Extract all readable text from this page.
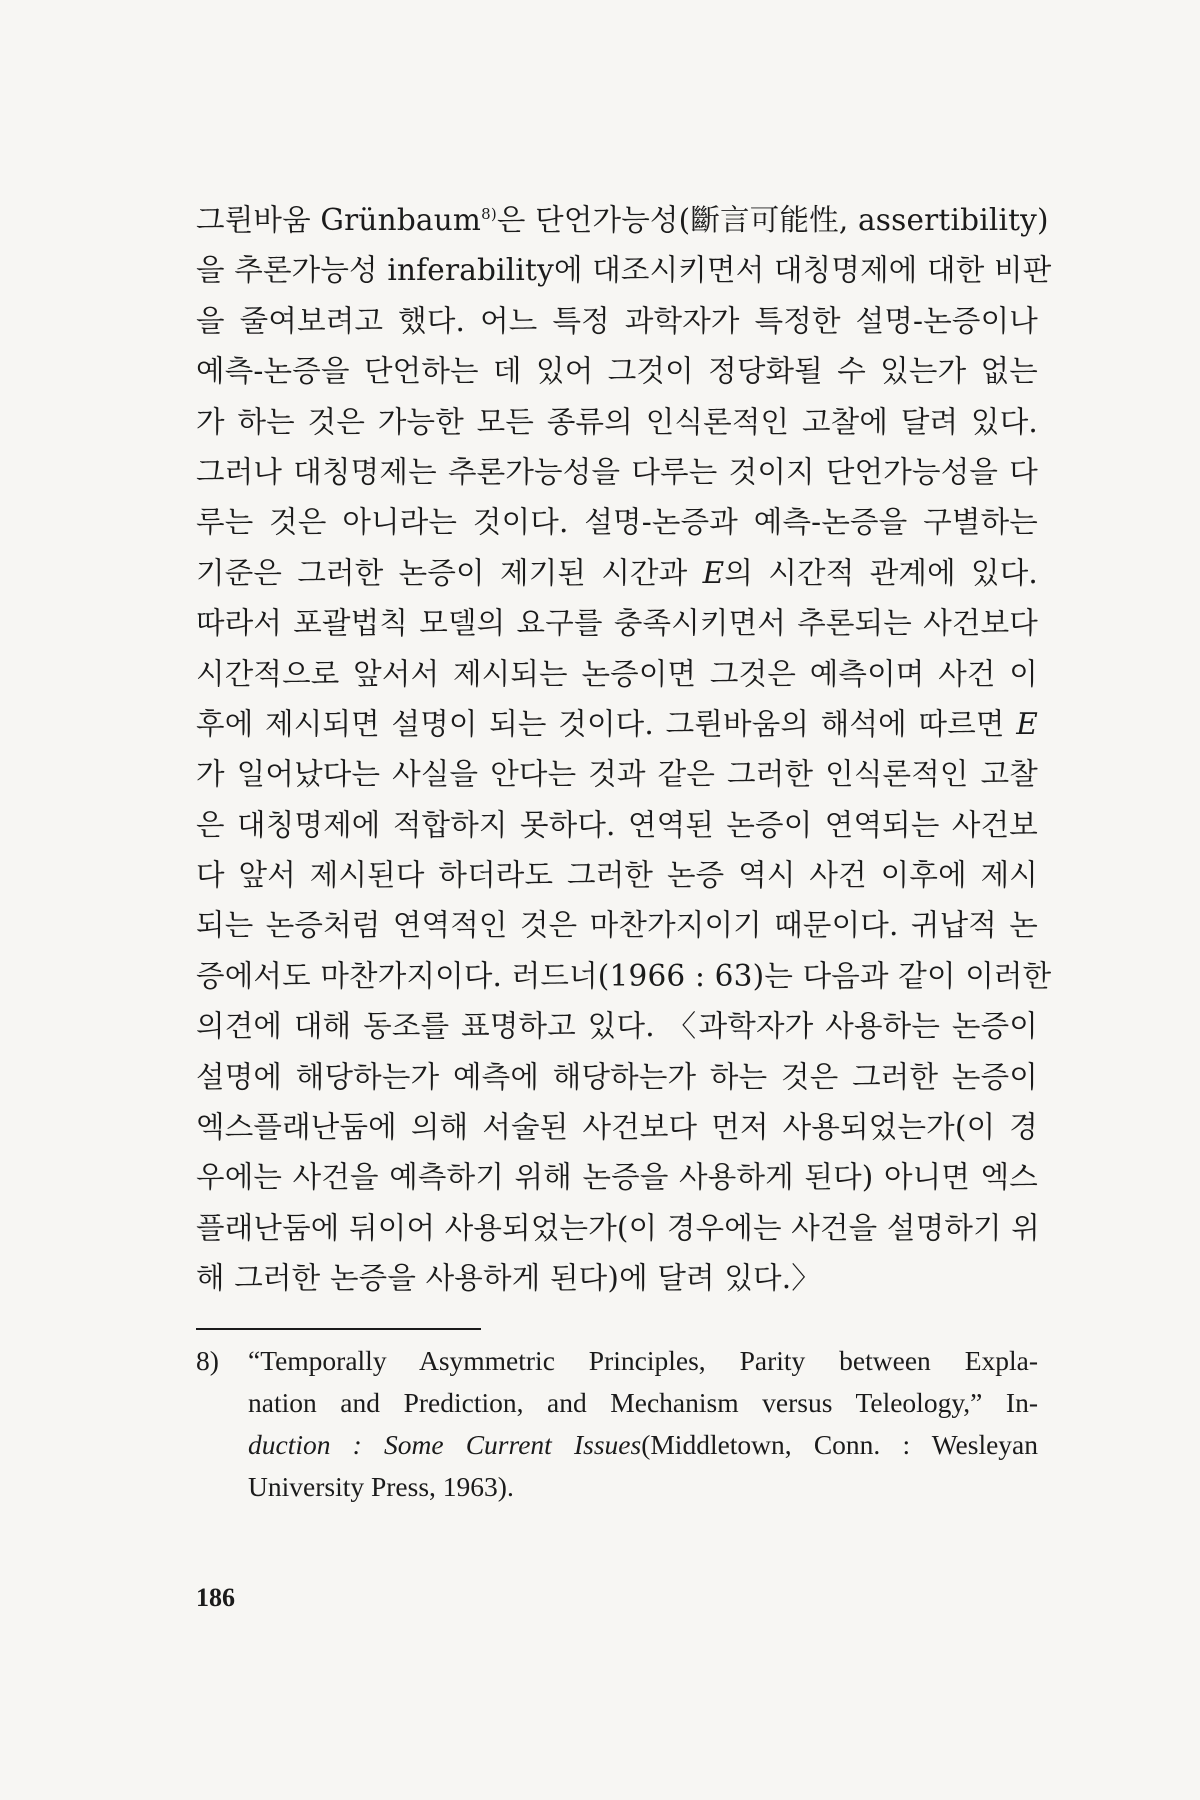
그륀바움 Grünbaum$^{8)}$은 단언가능성(斷言可能性, assertibility)
을 추론가능성 inferability에 대조시키면서 대칭명제에 대한 비판
을 줄여보려고 했다. 어느 특정 과학자가 특정한 설명-논증이나
예측-논증을 단언하는 데 있어 그것이 정당화될 수 있는가 없는
가 하는 것은 가능한 모든 종류의 인식론적인 고찰에 달려 있다.
그러나 대칭명제는 추론가능성을 다루는 것이지 단언가능성을 다
루는 것은 아니라는 것이다. 설명-논증과 예측-논증을 구별하는
기준은 그러한 논증이 제기된 시간과 E의 시간적 관계에 있다.
따라서 포괄법칙 모델의 요구를 충족시키면서 추론되는 사건보다
시간적으로 앞서서 제시되는 논증이면 그것은 예측이며 사건 이
후에 제시되면 설명이 되는 것이다. 그륀바움의 해석에 따르면 E
가 일어났다는 사실을 안다는 것과 같은 그러한 인식론적인 고찰
은 대칭명제에 적합하지 못하다. 연역된 논증이 연역되는 사건보
다 앞서 제시된다 하더라도 그러한 논증 역시 사건 이후에 제시
되는 논증처럼 연역적인 것은 마찬가지이기 때문이다. 귀납적 논
증에서도 마찬가지이다. 러드너(1966 : 63)는 다음과 같이 이러한
의견에 대해 동조를 표명하고 있다. 〈과학자가 사용하는 논증이
설명에 해당하는가 예측에 해당하는가 하는 것은 그러한 논증이
엑스플래난둠에 의해 서술된 사건보다 먼저 사용되었는가(이 경
우에는 사건을 예측하기 위해 논증을 사용하게 된다) 아니면 엑스
플래난둠에 뒤이어 사용되었는가(이 경우에는 사건을 설명하기 위
해 그러한 논증을 사용하게 된다)에 달려 있다.〉
8) “Temporally Asymmetric Principles, Parity between Expla-
nation and Prediction, and Mechanism versus Teleology,” In-
duction : Some Current Issues(Middletown, Conn. : Wesleyan
University Press, 1963).
186
